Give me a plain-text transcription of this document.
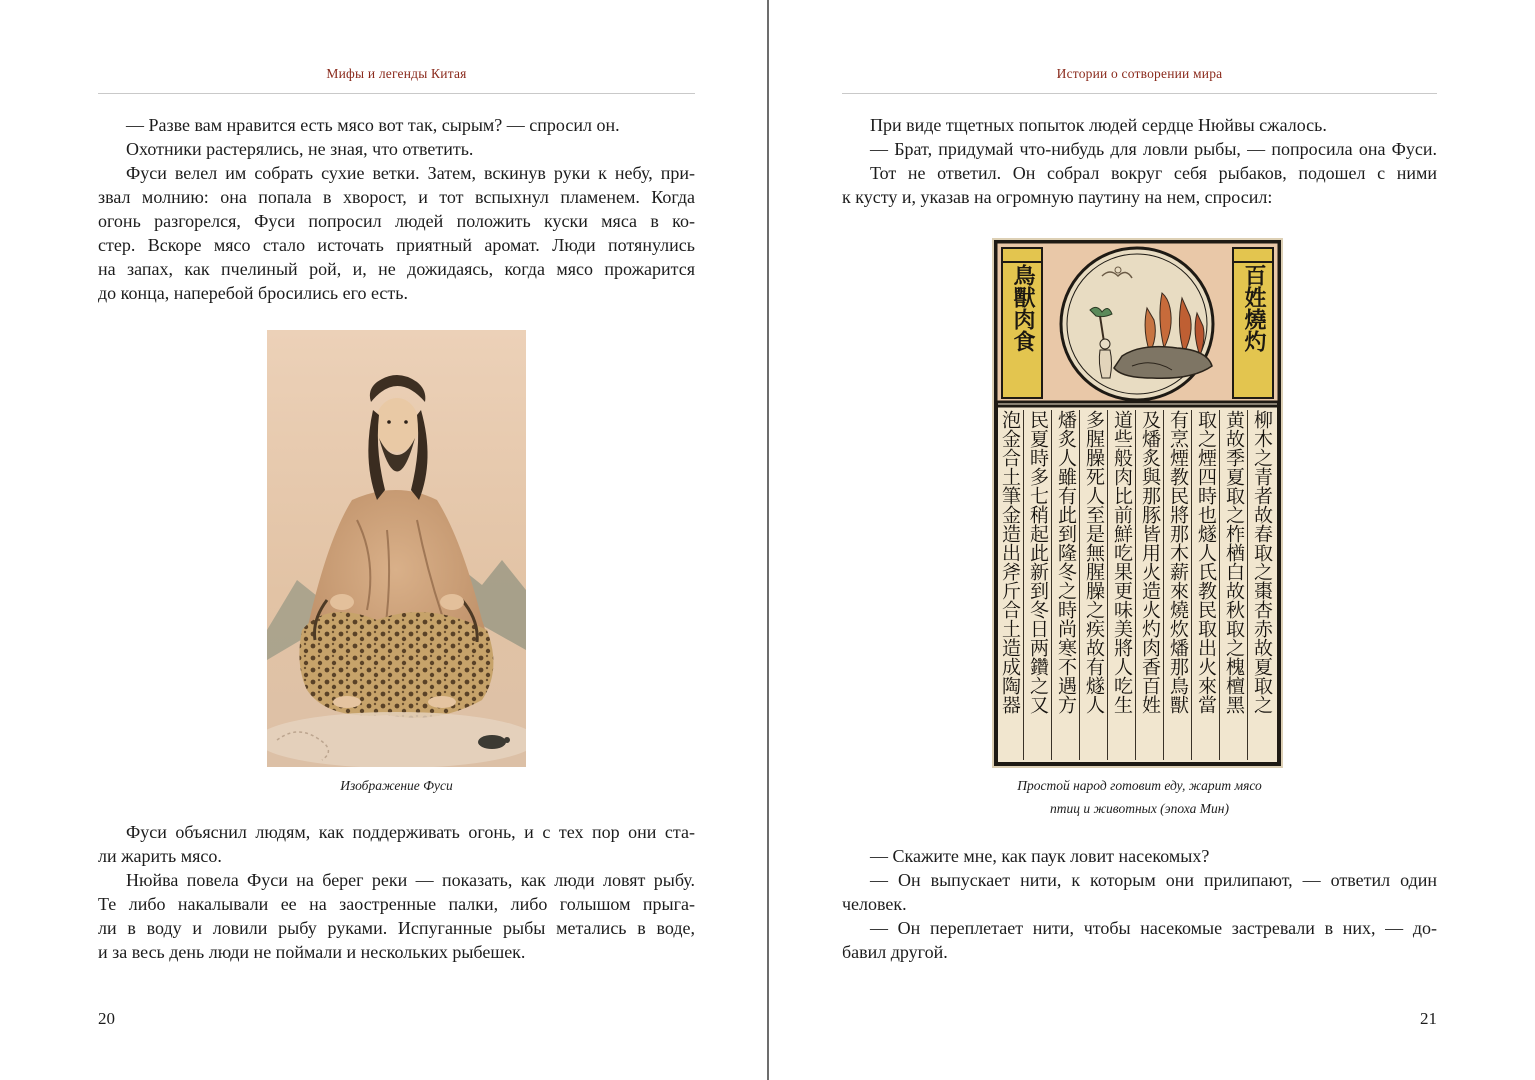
Мифы и легенды Китая
— Разве вам нравится есть мясо вот так, сырым? — спросил он.
Охотники растерялись, не зная, что ответить.
Фуси велел им собрать сухие ветки. Затем, вскинув руки к небу, при-
звал молнию: она попала в хворост, и тот вспыхнул пламенем. Когда
огонь разгорелся, Фуси попросил людей положить куски мяса в ко-
стер. Вскоре мясо стало источать приятный аромат. Люди потянулись
на запах, как пчелиный рой, и, не дожидаясь, когда мясо прожарится
до конца, наперебой бросились его есть.
Изображение Фуси
Фуси объяснил людям, как поддерживать огонь, и с тех пор они ста-
ли жарить мясо.
Нюйва повела Фуси на берег реки — показать, как люди ловят рыбу.
Те либо накалывали ее на заостренные палки, либо голышом прыга-
ли в воду и ловили рыбу руками. Испуганные рыбы метались в воде,
и за весь день люди не поймали и нескольких рыбешек.
20
Истории о сотворении мира
При виде тщетных попыток людей сердце Нюйвы сжалось.
— Брат, придумай что-нибудь для ловли рыбы, — попросила она Фуси.
Тот не ответил. Он собрал вокруг себя рыбаков, подошел с ними
к кусту и, указав на огромную паутину на нем, спросил:
鳥獸肉食	百姓燒灼
柳木之青者故春取之棗杏赤故夏取之
黄故季夏取之柞楢白故秋取之槐檀黑
取之煙四時也燧人氏教民取出火來當
有烹煙教民將那木薪來燒炊燔那鳥獸
及燔炙與那豚皆用火造火灼肉香百姓
道些般肉比前鮮吃果更味美將人吃生
多腥臊死人至是無腥臊之疾故有燧人
燔炙人雖有此到隆冬之時尚寒不遇方
民夏時多七稍起此新到冬日两鑽之又
泡金合土筆金造出斧斤合土造成陶器
Простой народ готовит еду, жарит мясо
птиц и животных (эпоха Мин)
— Скажите мне, как паук ловит насекомых?
— Он выпускает нити, к которым они прилипают, — ответил один
человек.
— Он переплетает нити, чтобы насекомые застревали в них, — до-
бавил другой.
21
